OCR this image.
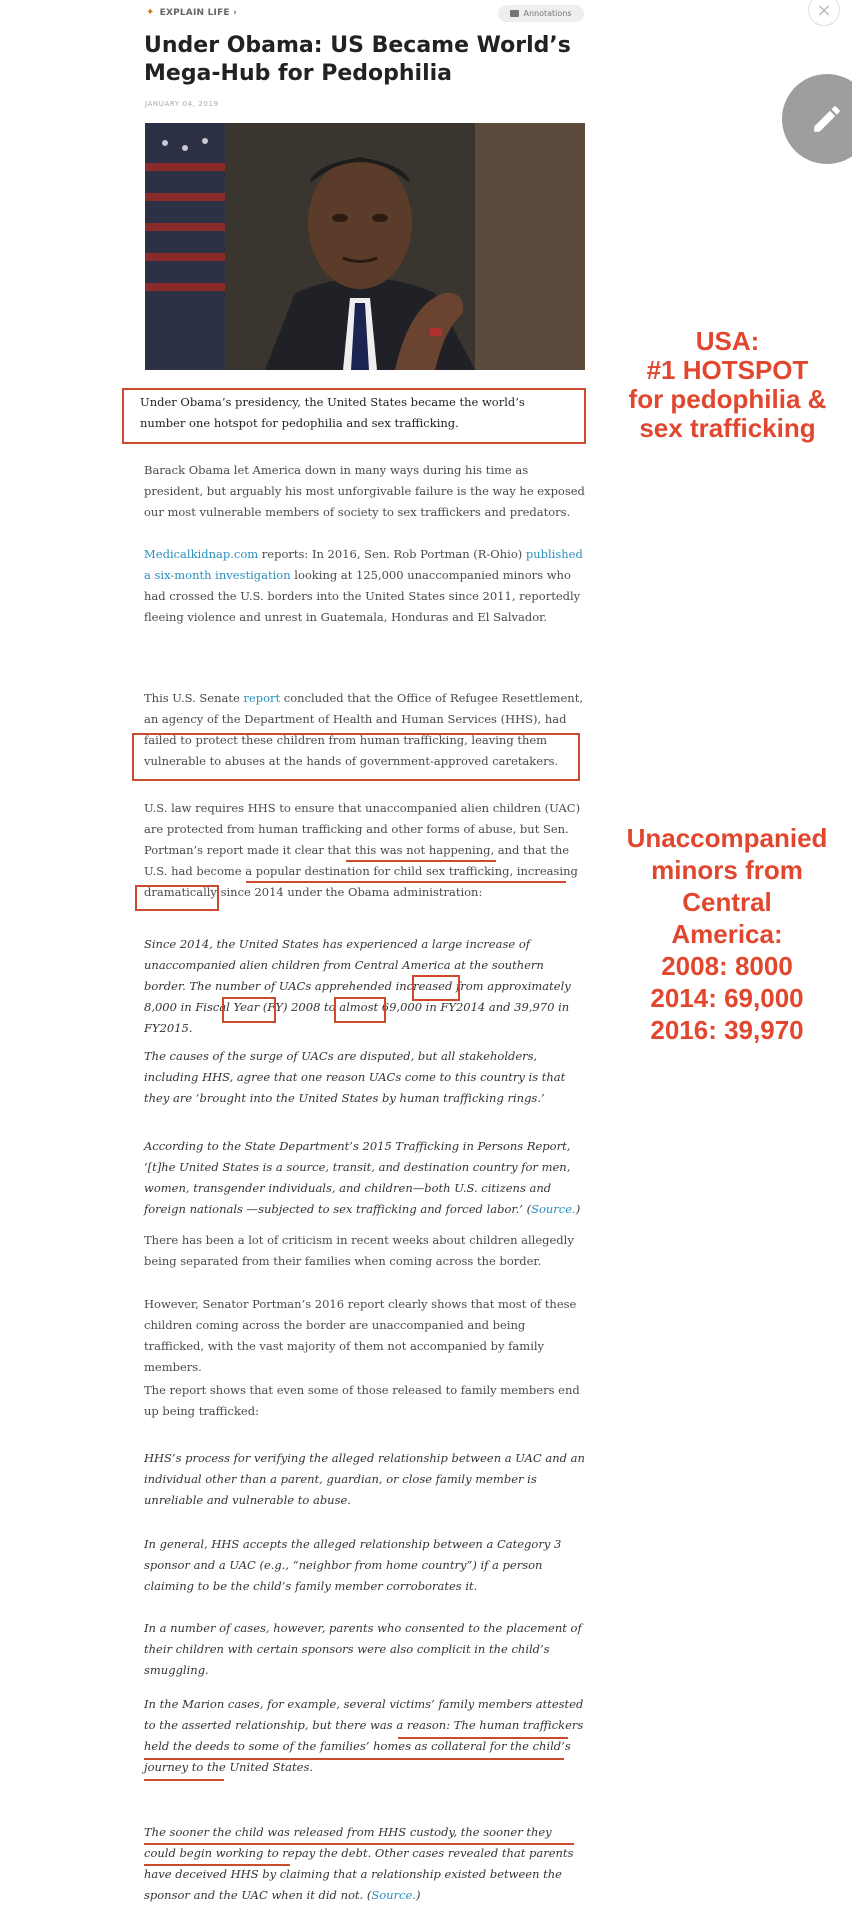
✦ EXPLAIN LIFE ›	Annotations	×
Under Obama: US Became World’s Mega-Hub for Pedophilia
JANUARY 04, 2019
USA:
#1 HOTSPOT
for pedophilia &
sex trafficking
Unaccompanied
minors from
Central
America:
2008: 8000
2014: 69,000
2016: 39,970

Under Obama’s presidency, the United States became the world’s number one hotspot for pedophilia and sex trafficking.

Barack Obama let America down in many ways during his time as president, but arguably his most unforgivable failure is the way he exposed our most vulnerable members of society to sex traffickers and predators.

Medicalkidnap.com reports: In 2016, Sen. Rob Portman (R-Ohio) published a six-month investigation looking at 125,000 unaccompanied minors who had crossed the U.S. borders into the United States since 2011, reportedly fleeing violence and unrest in Guatemala, Honduras and El Salvador.

This U.S. Senate report concluded that the Office of Refugee Resettlement, an agency of the Department of Health and Human Services (HHS), had failed to protect these children from human trafficking, leaving them vulnerable to abuses at the hands of government-approved caretakers.

U.S. law requires HHS to ensure that unaccompanied alien children (UAC) are protected from human trafficking and other forms of abuse, but Sen. Portman’s report made it clear that this was not happening, and that the U.S. had become a popular destination for child sex trafficking, increasing dramatically since 2014 under the Obama administration:

Since 2014, the United States has experienced a large increase of unaccompanied alien children from Central America at the southern border. The number of UACs apprehended increased from approximately 8,000 in Fiscal Year (FY) 2008 to almost 69,000 in FY2014 and 39,970 in FY2015.

The causes of the surge of UACs are disputed, but all stakeholders, including HHS, agree that one reason UACs come to this country is that they are ‘brought into the United States by human trafficking rings.’

According to the State Department’s 2015 Trafficking in Persons Report, ‘[t]he United States is a source, transit, and destination country for men, women, transgender individuals, and children—both U.S. citizens and foreign nationals —subjected to sex trafficking and forced labor.’ (Source.)

There has been a lot of criticism in recent weeks about children allegedly being separated from their families when coming across the border.

However, Senator Portman’s 2016 report clearly shows that most of these children coming across the border are unaccompanied and being trafficked, with the vast majority of them not accompanied by family members.

The report shows that even some of those released to family members end up being trafficked:

HHS’s process for verifying the alleged relationship between a UAC and an individual other than a parent, guardian, or close family member is unreliable and vulnerable to abuse.

In general, HHS accepts the alleged relationship between a Category 3 sponsor and a UAC (e.g., “neighbor from home country”) if a person claiming to be the child’s family member corroborates it.

In a number of cases, however, parents who consented to the placement of their children with certain sponsors were also complicit in the child’s smuggling.

In the Marion cases, for example, several victims’ family members attested to the asserted relationship, but there was a reason: The human traffickers held the deeds to some of the families’ homes as collateral for the child’s journey to the United States.

The sooner the child was released from HHS custody, the sooner they could begin working to repay the debt. Other cases revealed that parents have deceived HHS by claiming that a relationship existed between the sponsor and the UAC when it did not. (Source.)
